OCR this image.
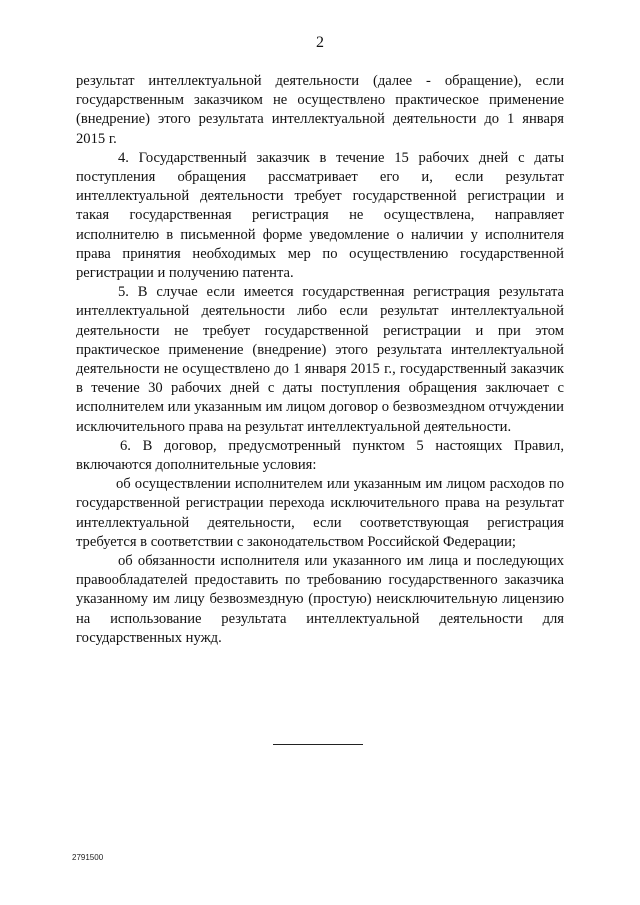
2

результат интеллектуальной деятельности (далее - обращение), если государственным заказчиком не осуществлено практическое применение (внедрение) этого результата интеллектуальной деятельности до 1 января 2015 г.

4. Государственный заказчик в течение 15 рабочих дней с даты поступления обращения рассматривает его и, если результат интеллектуальной деятельности требует государственной регистрации и такая государственная регистрация не осуществлена, направляет исполнителю в письменной форме уведомление о наличии у исполнителя права принятия необходимых мер по осуществлению государственной регистрации и получению патента.

5. В случае если имеется государственная регистрация результата интеллектуальной деятельности либо если результат интеллектуальной деятельности не требует государственной регистрации и при этом практическое применение (внедрение) этого результата интеллектуальной деятельности не осуществлено до 1 января 2015 г., государственный заказчик в течение 30 рабочих дней с даты поступления обращения заключает с исполнителем или указанным им лицом договор о безвозмездном отчуждении исключительного права на результат интеллектуальной деятельности.

6. В договор, предусмотренный пунктом 5 настоящих Правил, включаются дополнительные условия:

об осуществлении исполнителем или указанным им лицом расходов по государственной регистрации перехода исключительного права на результат интеллектуальной деятельности, если соответствующая регистрация требуется в соответствии с законодательством Российской Федерации;

об обязанности исполнителя или указанного им лица и последующих правообладателей предоставить по требованию государственного заказчика указанному им лицу безвозмездную (простую) неисключительную лицензию на использование результата интеллектуальной деятельности для государственных нужд.

2791500
